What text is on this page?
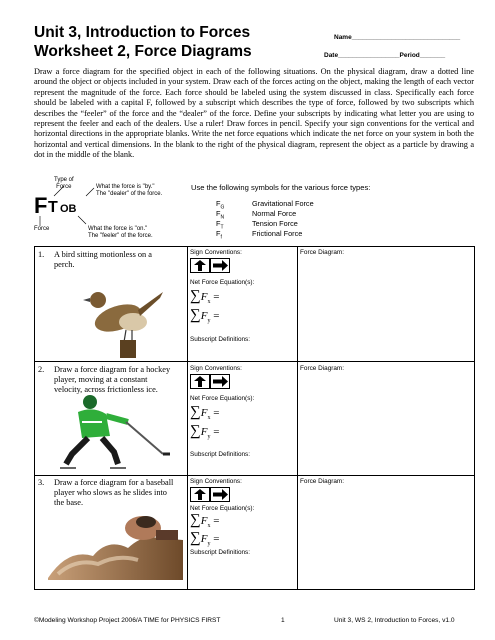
Unit 3, Introduction to Forces
Worksheet 2, Force Diagrams
Name______________________________
Date_________________Period_______
Draw a force diagram for the specified object in each of the following situations. On the physical diagram, draw a dotted line around the object or objects included in your system. Draw each of the forces acting on the object, making the length of each vector represent the magnitude of the force. Each force should be labeled using the system discussed in class. Specifically each force should be labeled with a capital F, followed by a subscript which describes the type of force, followed by two subscripts which describes the “feeler” of the force and the “dealer” of the force. Define your subscripts by indicating what letter you are using to represent the feeler and each of the dealers. Use a ruler! Draw forces in pencil. Specify your sign conventions for the vertical and horizontal directions in the appropriate blanks. Write the net force equations which indicate the net force on your system in both the horizontal and vertical dimensions. In the blank to the right of the physical diagram, represent the object as a particle by drawing a dot in the middle of the blank.
Type of
Force	What the force is "by."
The "dealer" of the force.
F T OB
Force	What the force is "on."
The "feeler" of the force.
Use the following symbols for the various force types:
$F_G$	Gravitational Force
$F_N$	Normal Force
$F_T$	Tension Force
$F_f$	Frictional Force
1. A bird sitting motionless on a perch.
Sign Conventions:
Net Force Equation(s):
$\sum F_x$ =
$\sum F_y$ =
Subscript Definitions:
Force Diagram:
2. Draw a force diagram for a hockey player, moving at a constant velocity, across frictionless ice.
Sign Conventions:
Net Force Equation(s):
$\sum F_x$ =
$\sum F_y$ =
Subscript Definitions:
Force Diagram:
3. Draw a force diagram for a baseball player who slows as he slides into the base.
Sign Conventions:
Net Force Equation(s):
$\sum F_x$ =
$\sum F_y$ =
Subscript Definitions:
Force Diagram:
©Modeling Workshop Project 2006/A TIME for PHYSICS FIRST	1	Unit 3, WS 2, Introduction to Forces, v1.0
